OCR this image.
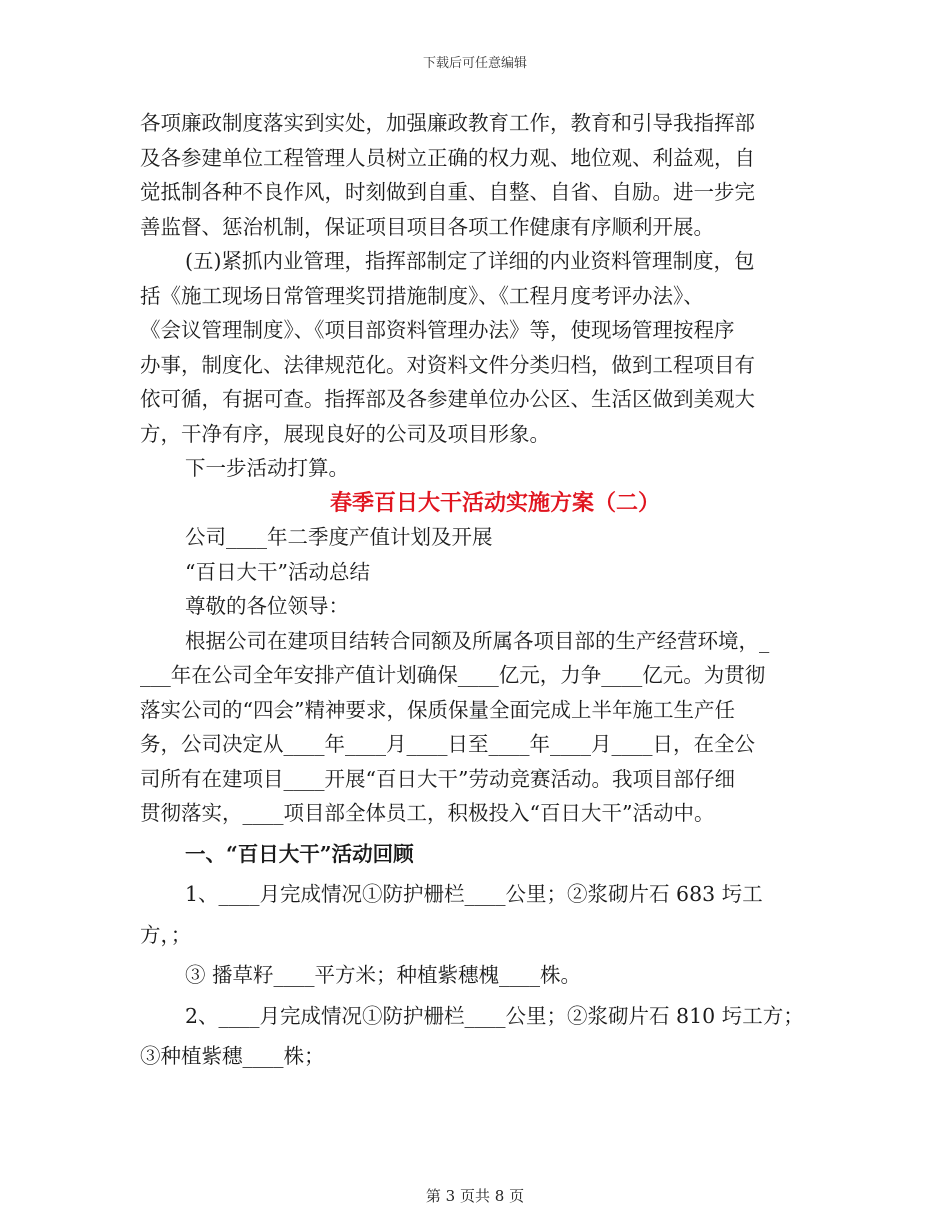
下载后可任意编辑
各项廉政制度落实到实处，加强廉政教育工作，教育和引导我指挥部
及各参建单位工程管理人员树立正确的权力观、地位观、利益观，自
觉抵制各种不良作风，时刻做到自重、自整、自省、自励。进一步完
善监督、惩治机制，保证项目项目各项工作健康有序顺利开展。
(五)紧抓内业管理，指挥部制定了详细的内业资料管理制度，包
括《施工现场日常管理奖罚措施制度》、《工程月度考评办法》、
《会议管理制度》、《项目部资料管理办法》等，使现场管理按程序
办事，制度化、法律规范化。对资料文件分类归档，做到工程项目有
依可循，有据可查。指挥部及各参建单位办公区、生活区做到美观大
方，干净有序，展现良好的公司及项目形象。
下一步活动打算。
春季百日大干活动实施方案（二）
公司____年二季度产值计划及开展
“百日大干”活动总结
尊敬的各位领导：
根据公司在建项目结转合同额及所属各项目部的生产经营环境，_
___年在公司全年安排产值计划确保____亿元，力争____亿元。为贯彻
落实公司的“四会”精神要求，保质保量全面完成上半年施工生产任
务，公司决定从____年____月____日至____年____月____日，在全公
司所有在建项目____开展“百日大干”劳动竞赛活动。我项目部仔细
贯彻落实，____项目部全体员工，积极投入“百日大干”活动中。
一、“百日大干”活动回顾
1、____月完成情况①防护栅栏____公里；②浆砌片石 683 圬工
方，；
③ 播草籽____平方米；种植紫穗槐____株。
2、____月完成情况①防护栅栏____公里；②浆砌片石 810 圬工方；
③种植紫穗____株；
第 3 页共 8 页
